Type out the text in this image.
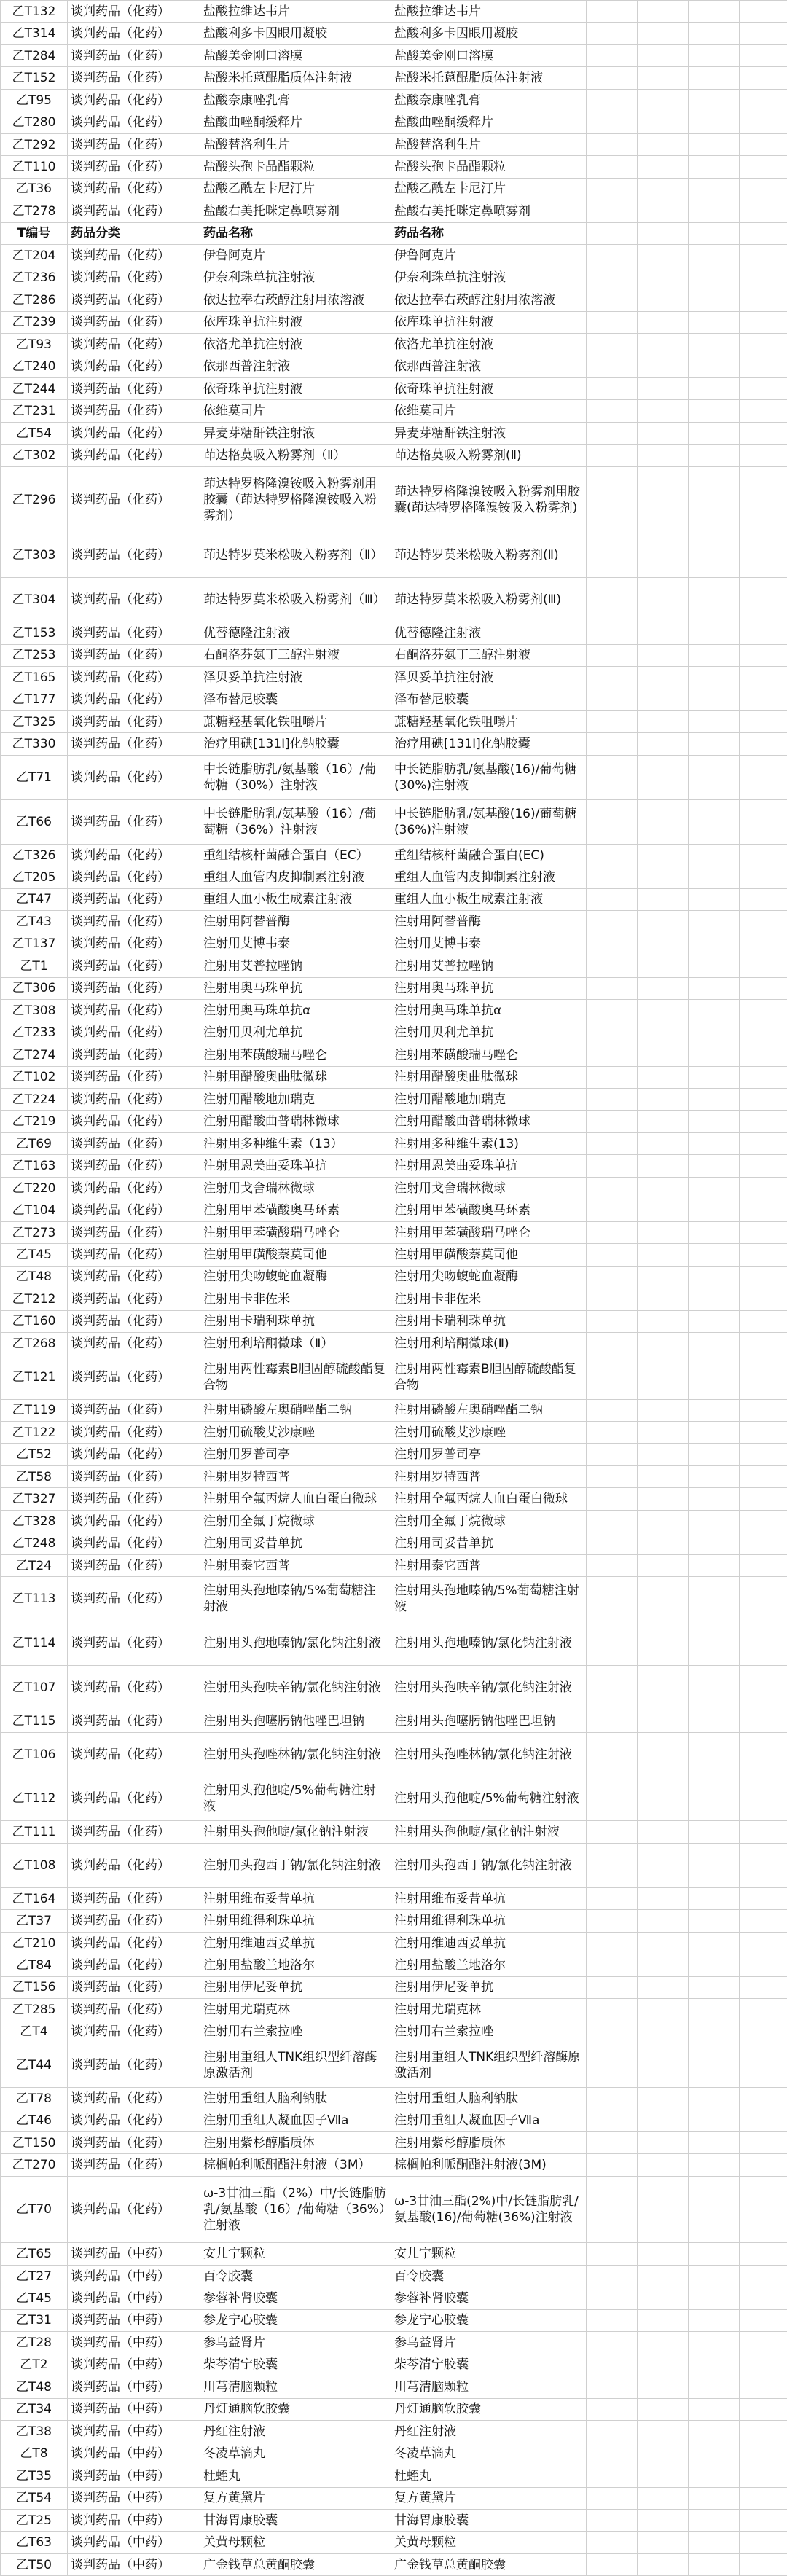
乙T132	谈判药品（化药）	盐酸拉维达韦片	盐酸拉维达韦片				
乙T314	谈判药品（化药）	盐酸利多卡因眼用凝胶	盐酸利多卡因眼用凝胶				
乙T284	谈判药品（化药）	盐酸美金刚口溶膜	盐酸美金刚口溶膜				
乙T152	谈判药品（化药）	盐酸米托蒽醌脂质体注射液	盐酸米托蒽醌脂质体注射液				
乙T95	谈判药品（化药）	盐酸奈康唑乳膏	盐酸奈康唑乳膏				
乙T280	谈判药品（化药）	盐酸曲唑酮缓释片	盐酸曲唑酮缓释片				
乙T292	谈判药品（化药）	盐酸替洛利生片	盐酸替洛利生片				
乙T110	谈判药品（化药）	盐酸头孢卡品酯颗粒	盐酸头孢卡品酯颗粒				
乙T36	谈判药品（化药）	盐酸乙酰左卡尼汀片	盐酸乙酰左卡尼汀片				
乙T278	谈判药品（化药）	盐酸右美托咪定鼻喷雾剂	盐酸右美托咪定鼻喷雾剂				
T编号	药品分类	药品名称	药品名称				
乙T204	谈判药品（化药）	伊鲁阿克片	伊鲁阿克片				
乙T236	谈判药品（化药）	伊奈利珠单抗注射液	伊奈利珠单抗注射液				
乙T286	谈判药品（化药）	依达拉奉右莰醇注射用浓溶液	依达拉奉右莰醇注射用浓溶液				
乙T239	谈判药品（化药）	依库珠单抗注射液	依库珠单抗注射液				
乙T93	谈判药品（化药）	依洛尤单抗注射液	依洛尤单抗注射液				
乙T240	谈判药品（化药）	依那西普注射液	依那西普注射液				
乙T244	谈判药品（化药）	依奇珠单抗注射液	依奇珠单抗注射液				
乙T231	谈判药品（化药）	依维莫司片	依维莫司片				
乙T54	谈判药品（化药）	异麦芽糖酐铁注射液	异麦芽糖酐铁注射液				
乙T302	谈判药品（化药）	茚达格莫吸入粉雾剂（Ⅱ）	茚达格莫吸入粉雾剂(Ⅱ)				
乙T296	谈判药品（化药）	茚达特罗格隆溴铵吸入粉雾剂用胶囊（茚达特罗格隆溴铵吸入粉雾剂）	茚达特罗格隆溴铵吸入粉雾剂用胶囊(茚达特罗格隆溴铵吸入粉雾剂)				
乙T303	谈判药品（化药）	茚达特罗莫米松吸入粉雾剂（Ⅱ）	茚达特罗莫米松吸入粉雾剂(Ⅱ)				
乙T304	谈判药品（化药）	茚达特罗莫米松吸入粉雾剂（Ⅲ）	茚达特罗莫米松吸入粉雾剂(Ⅲ)				
乙T153	谈判药品（化药）	优替德隆注射液	优替德隆注射液				
乙T253	谈判药品（化药）	右酮洛芬氨丁三醇注射液	右酮洛芬氨丁三醇注射液				
乙T165	谈判药品（化药）	泽贝妥单抗注射液	泽贝妥单抗注射液				
乙T177	谈判药品（化药）	泽布替尼胶囊	泽布替尼胶囊				
乙T325	谈判药品（化药）	蔗糖羟基氧化铁咀嚼片	蔗糖羟基氧化铁咀嚼片				
乙T330	谈判药品（化药）	治疗用碘[131I]化钠胶囊	治疗用碘[131I]化钠胶囊				
乙T71	谈判药品（化药）	中长链脂肪乳/氨基酸（16）/葡萄糖（30%）注射液	中长链脂肪乳/氨基酸(16)/葡萄糖(30%)注射液				
乙T66	谈判药品（化药）	中长链脂肪乳/氨基酸（16）/葡萄糖（36%）注射液	中长链脂肪乳/氨基酸(16)/葡萄糖(36%)注射液				
乙T326	谈判药品（化药）	重组结核杆菌融合蛋白（EC）	重组结核杆菌融合蛋白(EC)				
乙T205	谈判药品（化药）	重组人血管内皮抑制素注射液	重组人血管内皮抑制素注射液				
乙T47	谈判药品（化药）	重组人血小板生成素注射液	重组人血小板生成素注射液				
乙T43	谈判药品（化药）	注射用阿替普酶	注射用阿替普酶				
乙T137	谈判药品（化药）	注射用艾博韦泰	注射用艾博韦泰				
乙T1	谈判药品（化药）	注射用艾普拉唑钠	注射用艾普拉唑钠				
乙T306	谈判药品（化药）	注射用奥马珠单抗	注射用奥马珠单抗				
乙T308	谈判药品（化药）	注射用奥马珠单抗α	注射用奥马珠单抗α				
乙T233	谈判药品（化药）	注射用贝利尤单抗	注射用贝利尤单抗				
乙T274	谈判药品（化药）	注射用苯磺酸瑞马唑仑	注射用苯磺酸瑞马唑仑				
乙T102	谈判药品（化药）	注射用醋酸奥曲肽微球	注射用醋酸奥曲肽微球				
乙T224	谈判药品（化药）	注射用醋酸地加瑞克	注射用醋酸地加瑞克				
乙T219	谈判药品（化药）	注射用醋酸曲普瑞林微球	注射用醋酸曲普瑞林微球				
乙T69	谈判药品（化药）	注射用多种维生素（13）	注射用多种维生素(13)				
乙T163	谈判药品（化药）	注射用恩美曲妥珠单抗	注射用恩美曲妥珠单抗				
乙T220	谈判药品（化药）	注射用戈舍瑞林微球	注射用戈舍瑞林微球				
乙T104	谈判药品（化药）	注射用甲苯磺酸奥马环素	注射用甲苯磺酸奥马环素				
乙T273	谈判药品（化药）	注射用甲苯磺酸瑞马唑仑	注射用甲苯磺酸瑞马唑仑				
乙T45	谈判药品（化药）	注射用甲磺酸萘莫司他	注射用甲磺酸萘莫司他				
乙T48	谈判药品（化药）	注射用尖吻蝮蛇血凝酶	注射用尖吻蝮蛇血凝酶				
乙T212	谈判药品（化药）	注射用卡非佐米	注射用卡非佐米				
乙T160	谈判药品（化药）	注射用卡瑞利珠单抗	注射用卡瑞利珠单抗				
乙T268	谈判药品（化药）	注射用利培酮微球（Ⅱ）	注射用利培酮微球(Ⅱ)				
乙T121	谈判药品（化药）	注射用两性霉素B胆固醇硫酸酯复合物	注射用两性霉素B胆固醇硫酸酯复合物				
乙T119	谈判药品（化药）	注射用磷酸左奥硝唑酯二钠	注射用磷酸左奥硝唑酯二钠				
乙T122	谈判药品（化药）	注射用硫酸艾沙康唑	注射用硫酸艾沙康唑				
乙T52	谈判药品（化药）	注射用罗普司亭	注射用罗普司亭				
乙T58	谈判药品（化药）	注射用罗特西普	注射用罗特西普				
乙T327	谈判药品（化药）	注射用全氟丙烷人血白蛋白微球	注射用全氟丙烷人血白蛋白微球				
乙T328	谈判药品（化药）	注射用全氟丁烷微球	注射用全氟丁烷微球				
乙T248	谈判药品（化药）	注射用司妥昔单抗	注射用司妥昔单抗				
乙T24	谈判药品（化药）	注射用泰它西普	注射用泰它西普				
乙T113	谈判药品（化药）	注射用头孢地嗪钠/5%葡萄糖注射液	注射用头孢地嗪钠/5%葡萄糖注射液				
乙T114	谈判药品（化药）	注射用头孢地嗪钠/氯化钠注射液	注射用头孢地嗪钠/氯化钠注射液				
乙T107	谈判药品（化药）	注射用头孢呋辛钠/氯化钠注射液	注射用头孢呋辛钠/氯化钠注射液				
乙T115	谈判药品（化药）	注射用头孢噻肟钠他唑巴坦钠	注射用头孢噻肟钠他唑巴坦钠				
乙T106	谈判药品（化药）	注射用头孢唑林钠/氯化钠注射液	注射用头孢唑林钠/氯化钠注射液				
乙T112	谈判药品（化药）	注射用头孢他啶/5%葡萄糖注射液	注射用头孢他啶/5%葡萄糖注射液				
乙T111	谈判药品（化药）	注射用头孢他啶/氯化钠注射液	注射用头孢他啶/氯化钠注射液				
乙T108	谈判药品（化药）	注射用头孢西丁钠/氯化钠注射液	注射用头孢西丁钠/氯化钠注射液				
乙T164	谈判药品（化药）	注射用维布妥昔单抗	注射用维布妥昔单抗				
乙T37	谈判药品（化药）	注射用维得利珠单抗	注射用维得利珠单抗				
乙T210	谈判药品（化药）	注射用维迪西妥单抗	注射用维迪西妥单抗				
乙T84	谈判药品（化药）	注射用盐酸兰地洛尔	注射用盐酸兰地洛尔				
乙T156	谈判药品（化药）	注射用伊尼妥单抗	注射用伊尼妥单抗				
乙T285	谈判药品（化药）	注射用尤瑞克林	注射用尤瑞克林				
乙T4	谈判药品（化药）	注射用右兰索拉唑	注射用右兰索拉唑				
乙T44	谈判药品（化药）	注射用重组人TNK组织型纤溶酶原激活剂	注射用重组人TNK组织型纤溶酶原激活剂				
乙T78	谈判药品（化药）	注射用重组人脑利钠肽	注射用重组人脑利钠肽				
乙T46	谈判药品（化药）	注射用重组人凝血因子Ⅶa	注射用重组人凝血因子Ⅶa				
乙T150	谈判药品（化药）	注射用紫杉醇脂质体	注射用紫杉醇脂质体				
乙T270	谈判药品（化药）	棕榈帕利哌酮酯注射液（3M）	棕榈帕利哌酮酯注射液(3M)				
乙T70	谈判药品（化药）	ω-3甘油三酯（2%）中/长链脂肪乳/氨基酸（16）/葡萄糖（36%）注射液	ω-3甘油三酯(2%)中/长链脂肪乳/氨基酸(16)/葡萄糖(36%)注射液				
乙T65	谈判药品（中药）	安儿宁颗粒	安儿宁颗粒				
乙T27	谈判药品（中药）	百令胶囊	百令胶囊				
乙T45	谈判药品（中药）	参蓉补肾胶囊	参蓉补肾胶囊				
乙T31	谈判药品（中药）	参龙宁心胶囊	参龙宁心胶囊				
乙T28	谈判药品（中药）	参乌益肾片	参乌益肾片				
乙T2	谈判药品（中药）	柴芩清宁胶囊	柴芩清宁胶囊				
乙T48	谈判药品（中药）	川芎清脑颗粒	川芎清脑颗粒				
乙T34	谈判药品（中药）	丹灯通脑软胶囊	丹灯通脑软胶囊				
乙T38	谈判药品（中药）	丹红注射液	丹红注射液				
乙T8	谈判药品（中药）	冬凌草滴丸	冬凌草滴丸				
乙T35	谈判药品（中药）	杜蛭丸	杜蛭丸				
乙T54	谈判药品（中药）	复方黄黛片	复方黄黛片				
乙T25	谈判药品（中药）	甘海胃康胶囊	甘海胃康胶囊				
乙T63	谈判药品（中药）	关黄母颗粒	关黄母颗粒				
乙T50	谈判药品（中药）	广金钱草总黄酮胶囊	广金钱草总黄酮胶囊				
